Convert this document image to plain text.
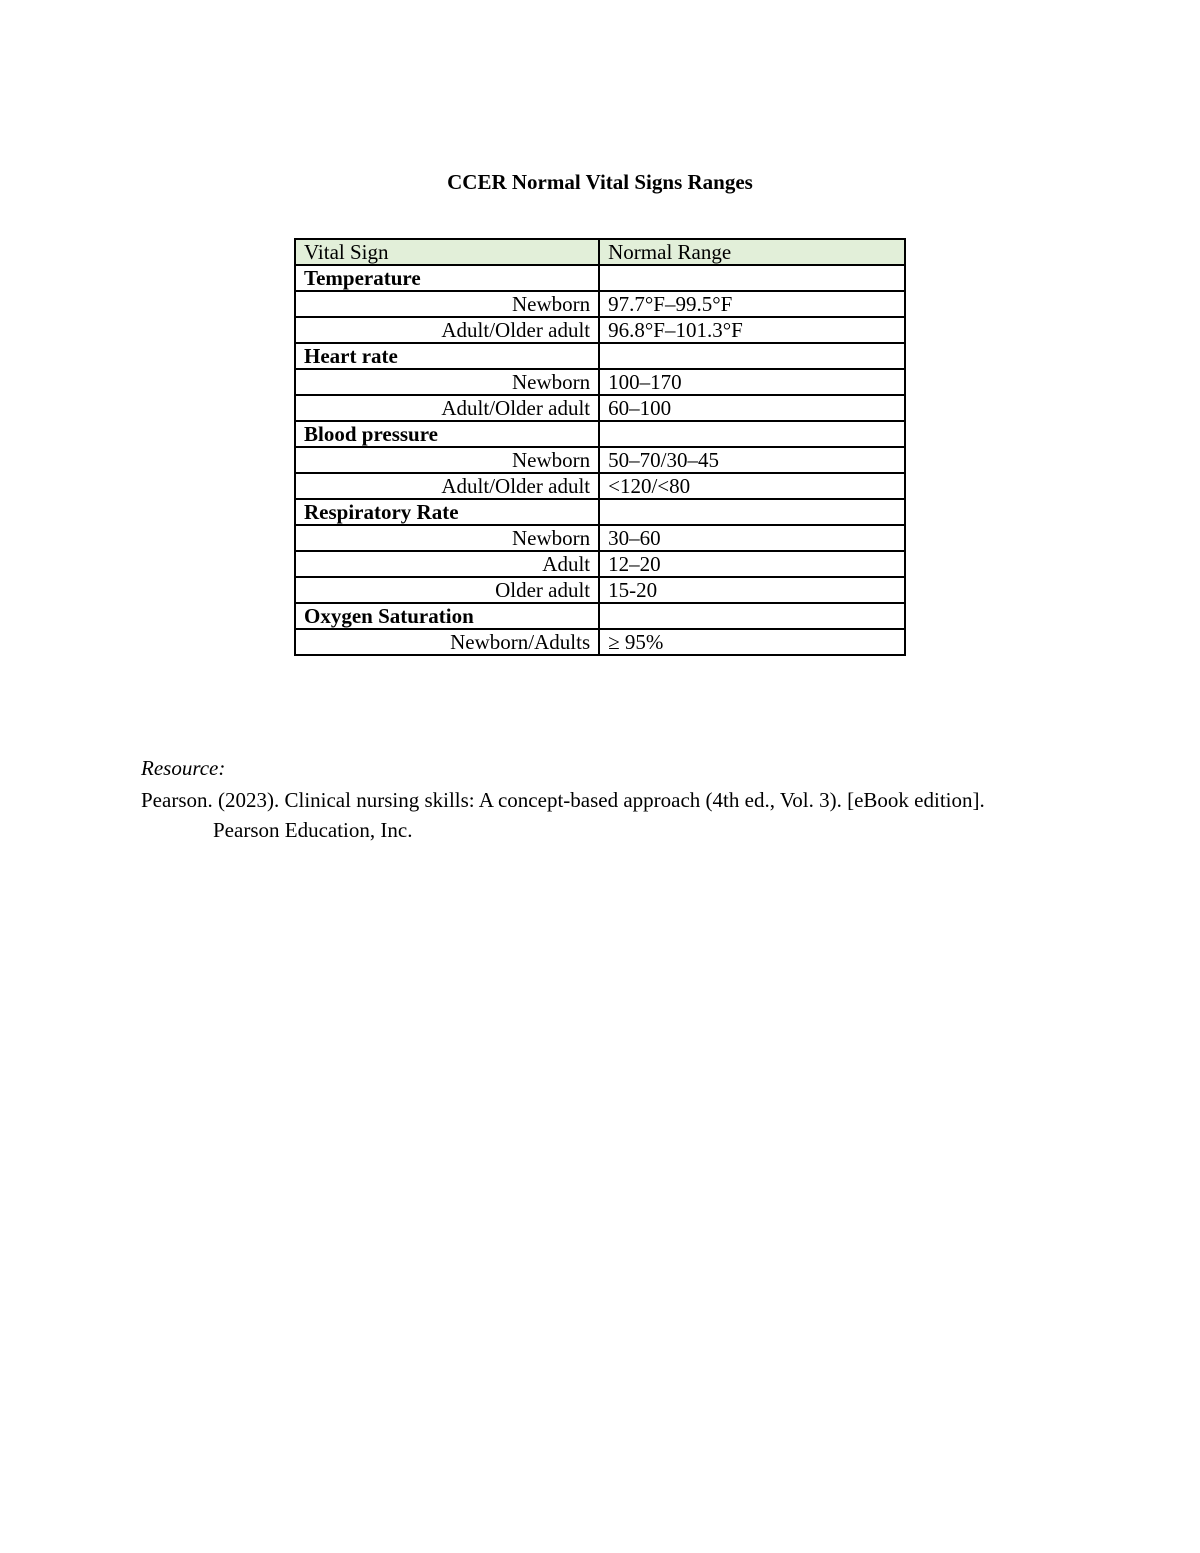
CCER Normal Vital Signs Ranges
Vital Sign	Normal Range
Temperature	
Newborn	97.7°F–99.5°F
Adult/Older adult	96.8°F–101.3°F
Heart rate	
Newborn	100–170
Adult/Older adult	60–100
Blood pressure	
Newborn	50–70/30–45
Adult/Older adult	<120/<80
Respiratory Rate	
Newborn	30–60
Adult	12–20
Older adult	15-20
Oxygen Saturation	
Newborn/Adults	≥ 95%
Resource:
Pearson. (2023). Clinical nursing skills: A concept-based approach (4th ed., Vol. 3). [eBook edition]. Pearson Education, Inc.
